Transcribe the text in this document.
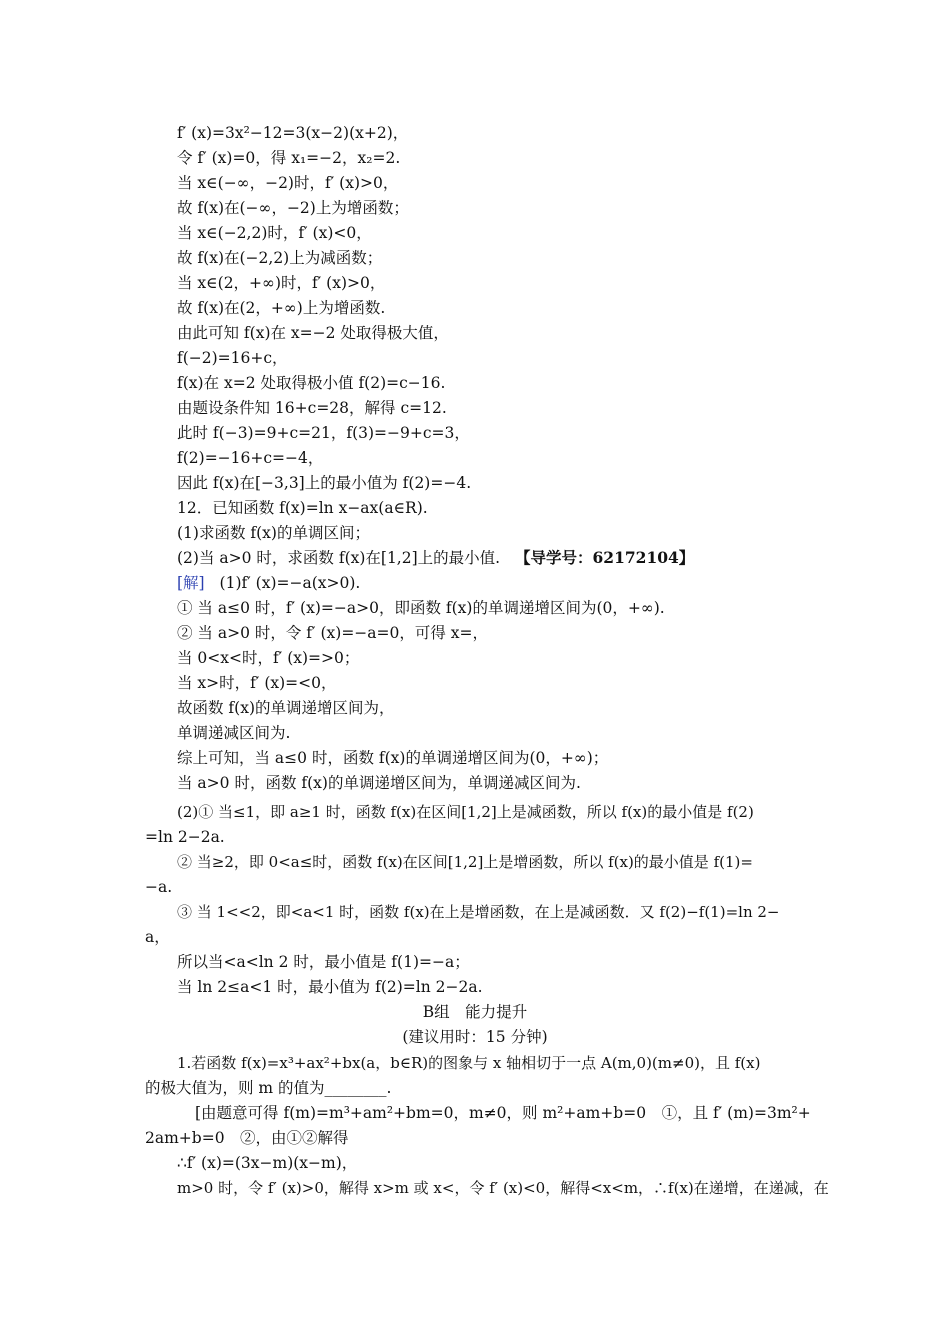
f′ (x)=3x²−12=3(x−2)(x+2)，
令 f′ (x)=0，得 x₁=−2，x₂=2.
当 x∈(−∞，−2)时，f′ (x)>0，
故 f(x)在(−∞，−2)上为增函数；
当 x∈(−2,2)时，f′ (x)<0，
故 f(x)在(−2,2)上为减函数；
当 x∈(2，+∞)时，f′ (x)>0，
故 f(x)在(2，+∞)上为增函数.
由此可知 f(x)在 x=−2 处取得极大值，
f(−2)=16+c，
f(x)在 x=2 处取得极小值 f(2)=c−16.
由题设条件知 16+c=28，解得 c=12.
此时 f(−3)=9+c=21，f(3)=−9+c=3，
f(2)=−16+c=−4，
因此 f(x)在[−3,3]上的最小值为 f(2)=−4.
12．已知函数 f(x)=ln x−ax(a∈R).
(1)求函数 f(x)的单调区间；
(2)当 a>0 时，求函数 f(x)在[1,2]上的最小值. 【导学号：62172104】
[解] (1)f′ (x)=−a(x>0).
① 当 a≤0 时，f′ (x)=−a>0，即函数 f(x)的单调递增区间为(0，+∞).
② 当 a>0 时，令 f′ (x)=−a=0，可得 x=，
当 0<x<时，f′ (x)=>0；
当 x>时，f′ (x)=<0，
故函数 f(x)的单调递增区间为，
单调递减区间为.
综上可知，当 a≤0 时，函数 f(x)的单调递增区间为(0，+∞)；
当 a>0 时，函数 f(x)的单调递增区间为，单调递减区间为.
(2)① 当≤1，即 a≥1 时，函数 f(x)在区间[1,2]上是减函数，所以 f(x)的最小值是 f(2)
=ln 2−2a.
② 当≥2，即 0<a≤时，函数 f(x)在区间[1,2]上是增函数，所以 f(x)的最小值是 f(1)=
−a.
③ 当 1<<2，即<a<1 时，函数 f(x)在上是增函数，在上是减函数．又 f(2)−f(1)=ln 2−
a，
所以当<a<ln 2 时，最小值是 f(1)=−a；
当 ln 2≤a<1 时，最小值为 f(2)=ln 2−2a.
B组　能力提升
(建议用时：15 分钟)
1.若函数 f(x)=x³+ax²+bx(a，b∈R)的图象与 x 轴相切于一点 A(m,0)(m≠0)，且 f(x)
的极大值为，则 m 的值为________.
[由题意可得 f(m)=m³+am²+bm=0，m≠0，则 m²+am+b=0　①，且 f′ (m)=3m²+
2am+b=0　②，由①②解得
∴f′ (x)=(3x−m)(x−m)，
m>0 时，令 f′ (x)>0，解得 x>m 或 x<，令 f′ (x)<0，解得<x<m，∴f(x)在递增，在递减，在
